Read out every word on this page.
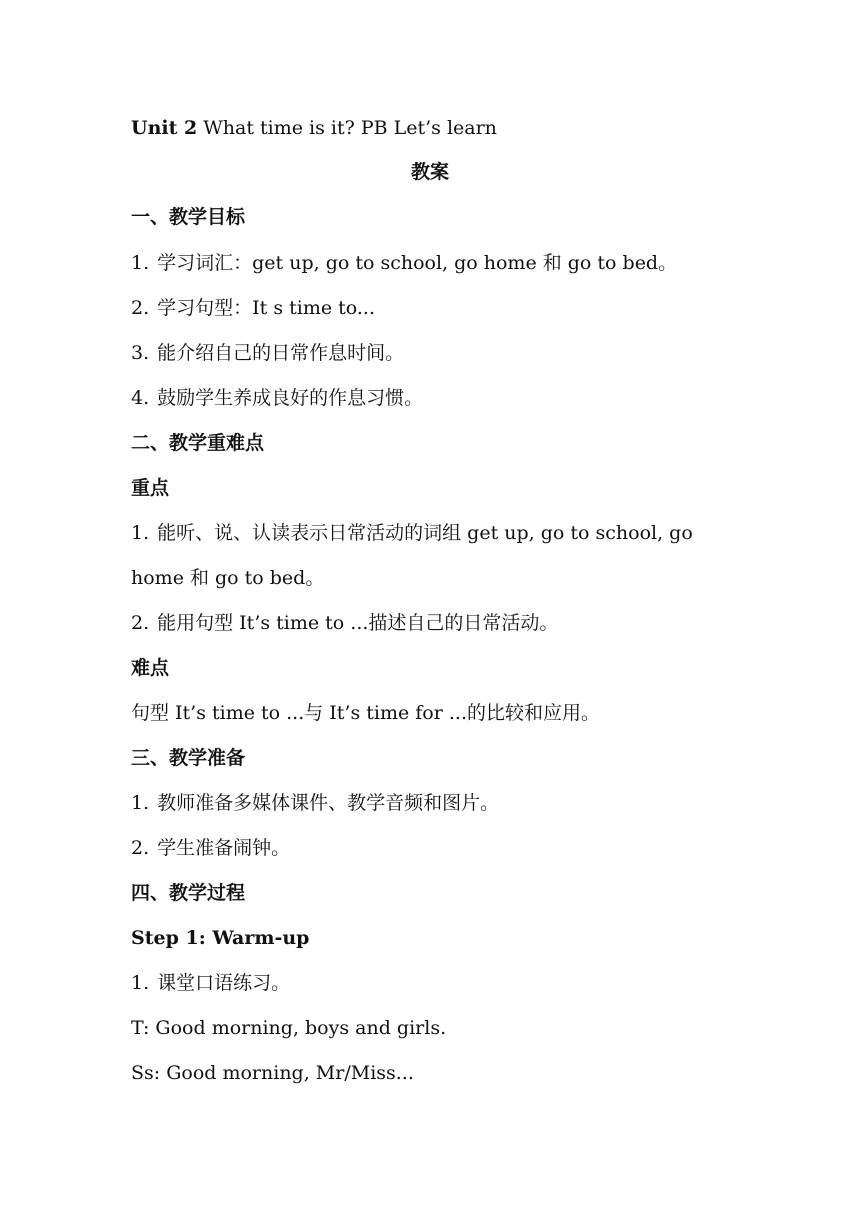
Unit 2 What time is it? PB Let’s learn
教案
一、教学目标
1. 学习词汇：get up, go to school, go home 和 go to bed。
2. 学习句型：It s time to...
3. 能介绍自己的日常作息时间。
4. 鼓励学生养成良好的作息习惯。
二、教学重难点
重点
1. 能听、说、认读表示日常活动的词组 get up, go to school, go
home 和 go to bed。
2. 能用句型 It’s time to ...描述自己的日常活动。
难点
句型 It’s time to ...与 It’s time for ...的比较和应用。
三、教学准备
1. 教师准备多媒体课件、教学音频和图片。
2. 学生准备闹钟。
四、教学过程
Step 1: Warm-up
1. 课堂口语练习。
T: Good morning, boys and girls.
Ss: Good morning, Mr/Miss...
